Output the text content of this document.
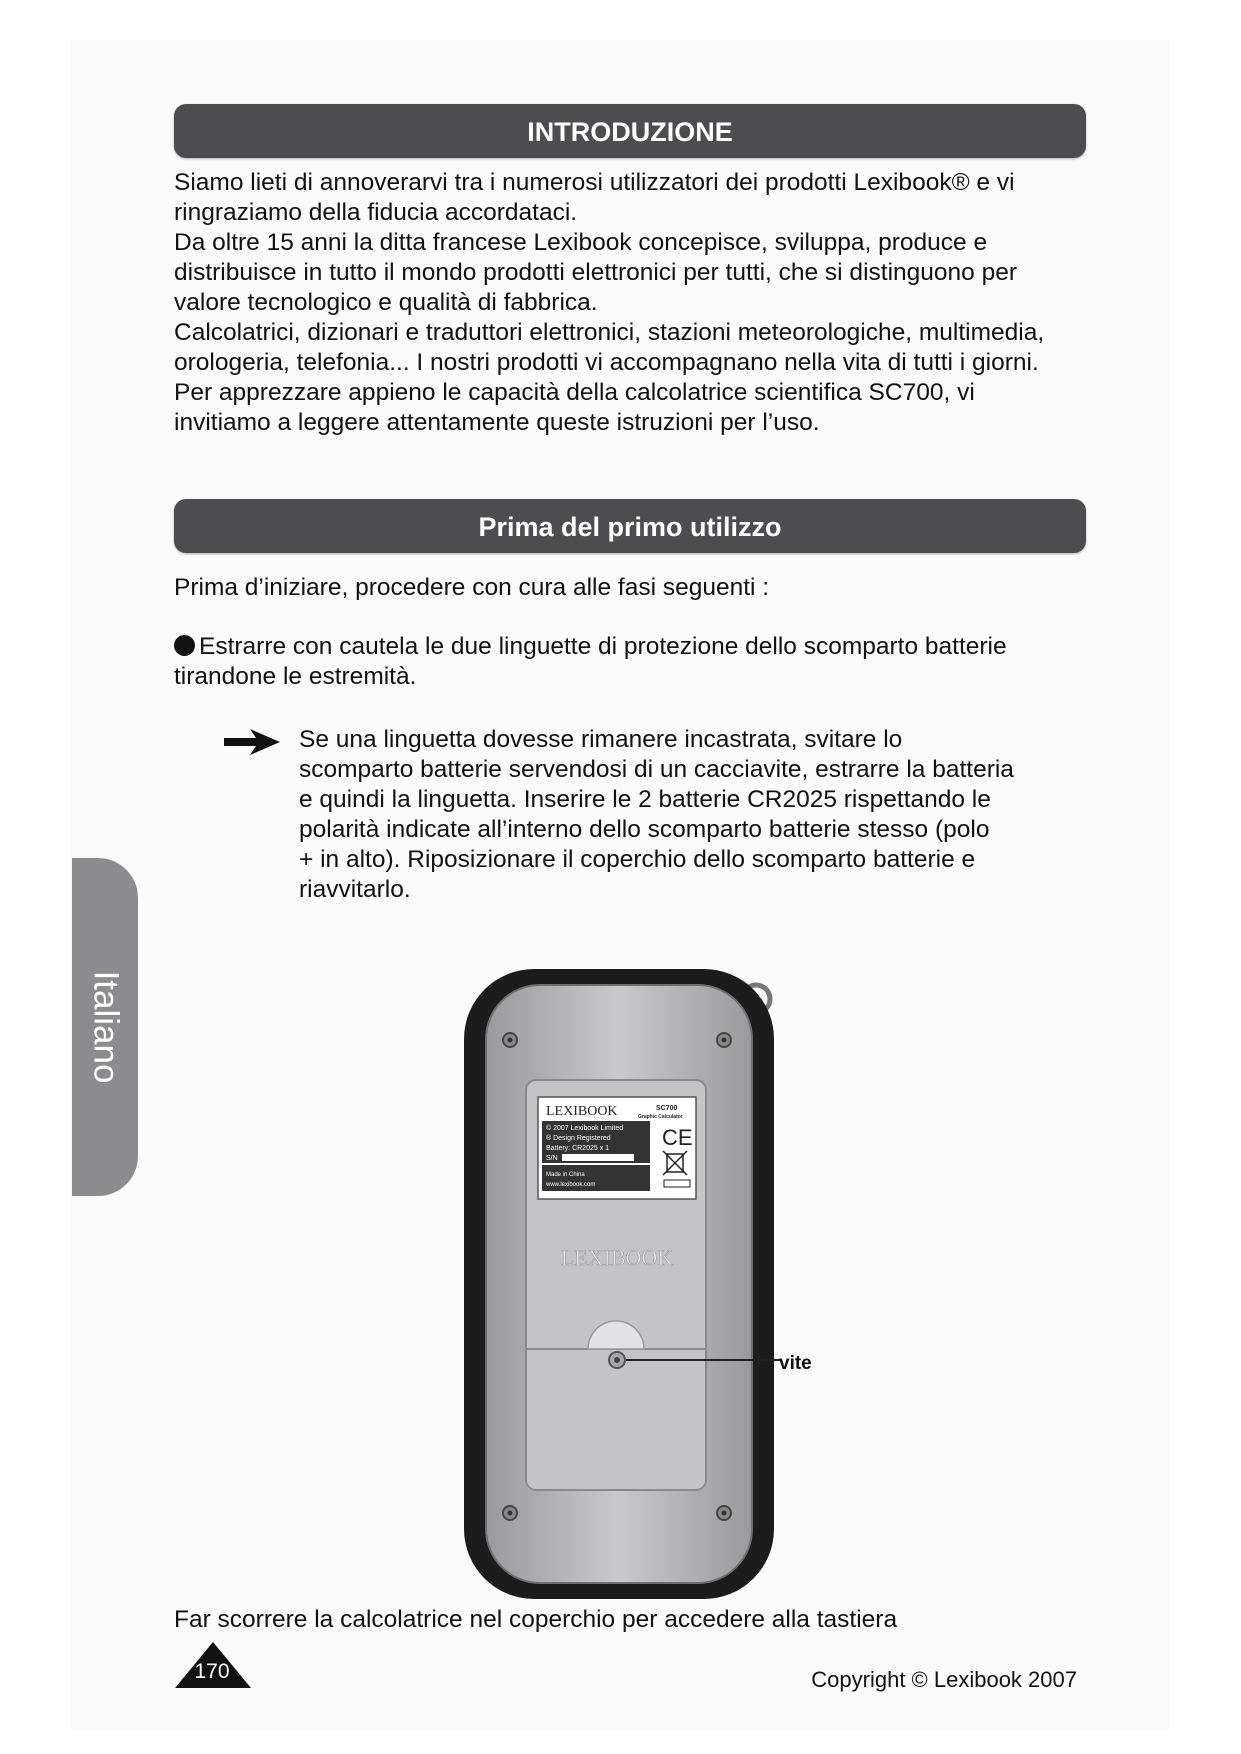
Italiano
INTRODUZIONE

Siamo lieti di annoverarvi tra i numerosi utilizzatori dei prodotti Lexibook® e vi

ringraziamo della fiducia accordataci.

Da oltre 15 anni la ditta francese Lexibook concepisce, sviluppa, produce e

distribuisce in tutto il mondo prodotti elettronici per tutti, che si distinguono per

valore tecnologico e qualità di fabbrica.

Calcolatrici, dizionari e traduttori elettronici, stazioni meteorologiche, multimedia,

orologeria, telefonia... I nostri prodotti vi accompagnano nella vita di tutti i giorni.

Per apprezzare appieno le capacità della calcolatrice scientifica SC700, vi

invitiamo a leggere attentamente queste istruzioni per l’uso.

Prima del primo utilizzo

Prima d’iniziare, procedere con cura alle fasi seguenti :

Estrarre con cautela le due linguette di protezione dello scomparto batterie

tirandone le estremità.

Se una linguetta dovesse rimanere incastrata, svitare lo
scomparto batterie servendosi di un cacciavite, estrarre la batteria
e quindi la linguetta. Inserire le 2 batterie CR2025 rispettando le
polarità indicate all’interno dello scomparto batterie stesso (polo
+ in alto). Riposizionare il coperchio dello scomparto batterie e
riavvitarlo.
LEXIBOOK	SC700
Graphic Calculator
© 2007 Lexibook Limited
® Design Registered
Battery: CR2025 x 1
S/N
Made in China
www.lexibook.com
CE
LEXIBOOK
vite

Far scorrere la calcolatrice nel coperchio per accedere alla tastiera

170	Copyright © Lexibook 2007
